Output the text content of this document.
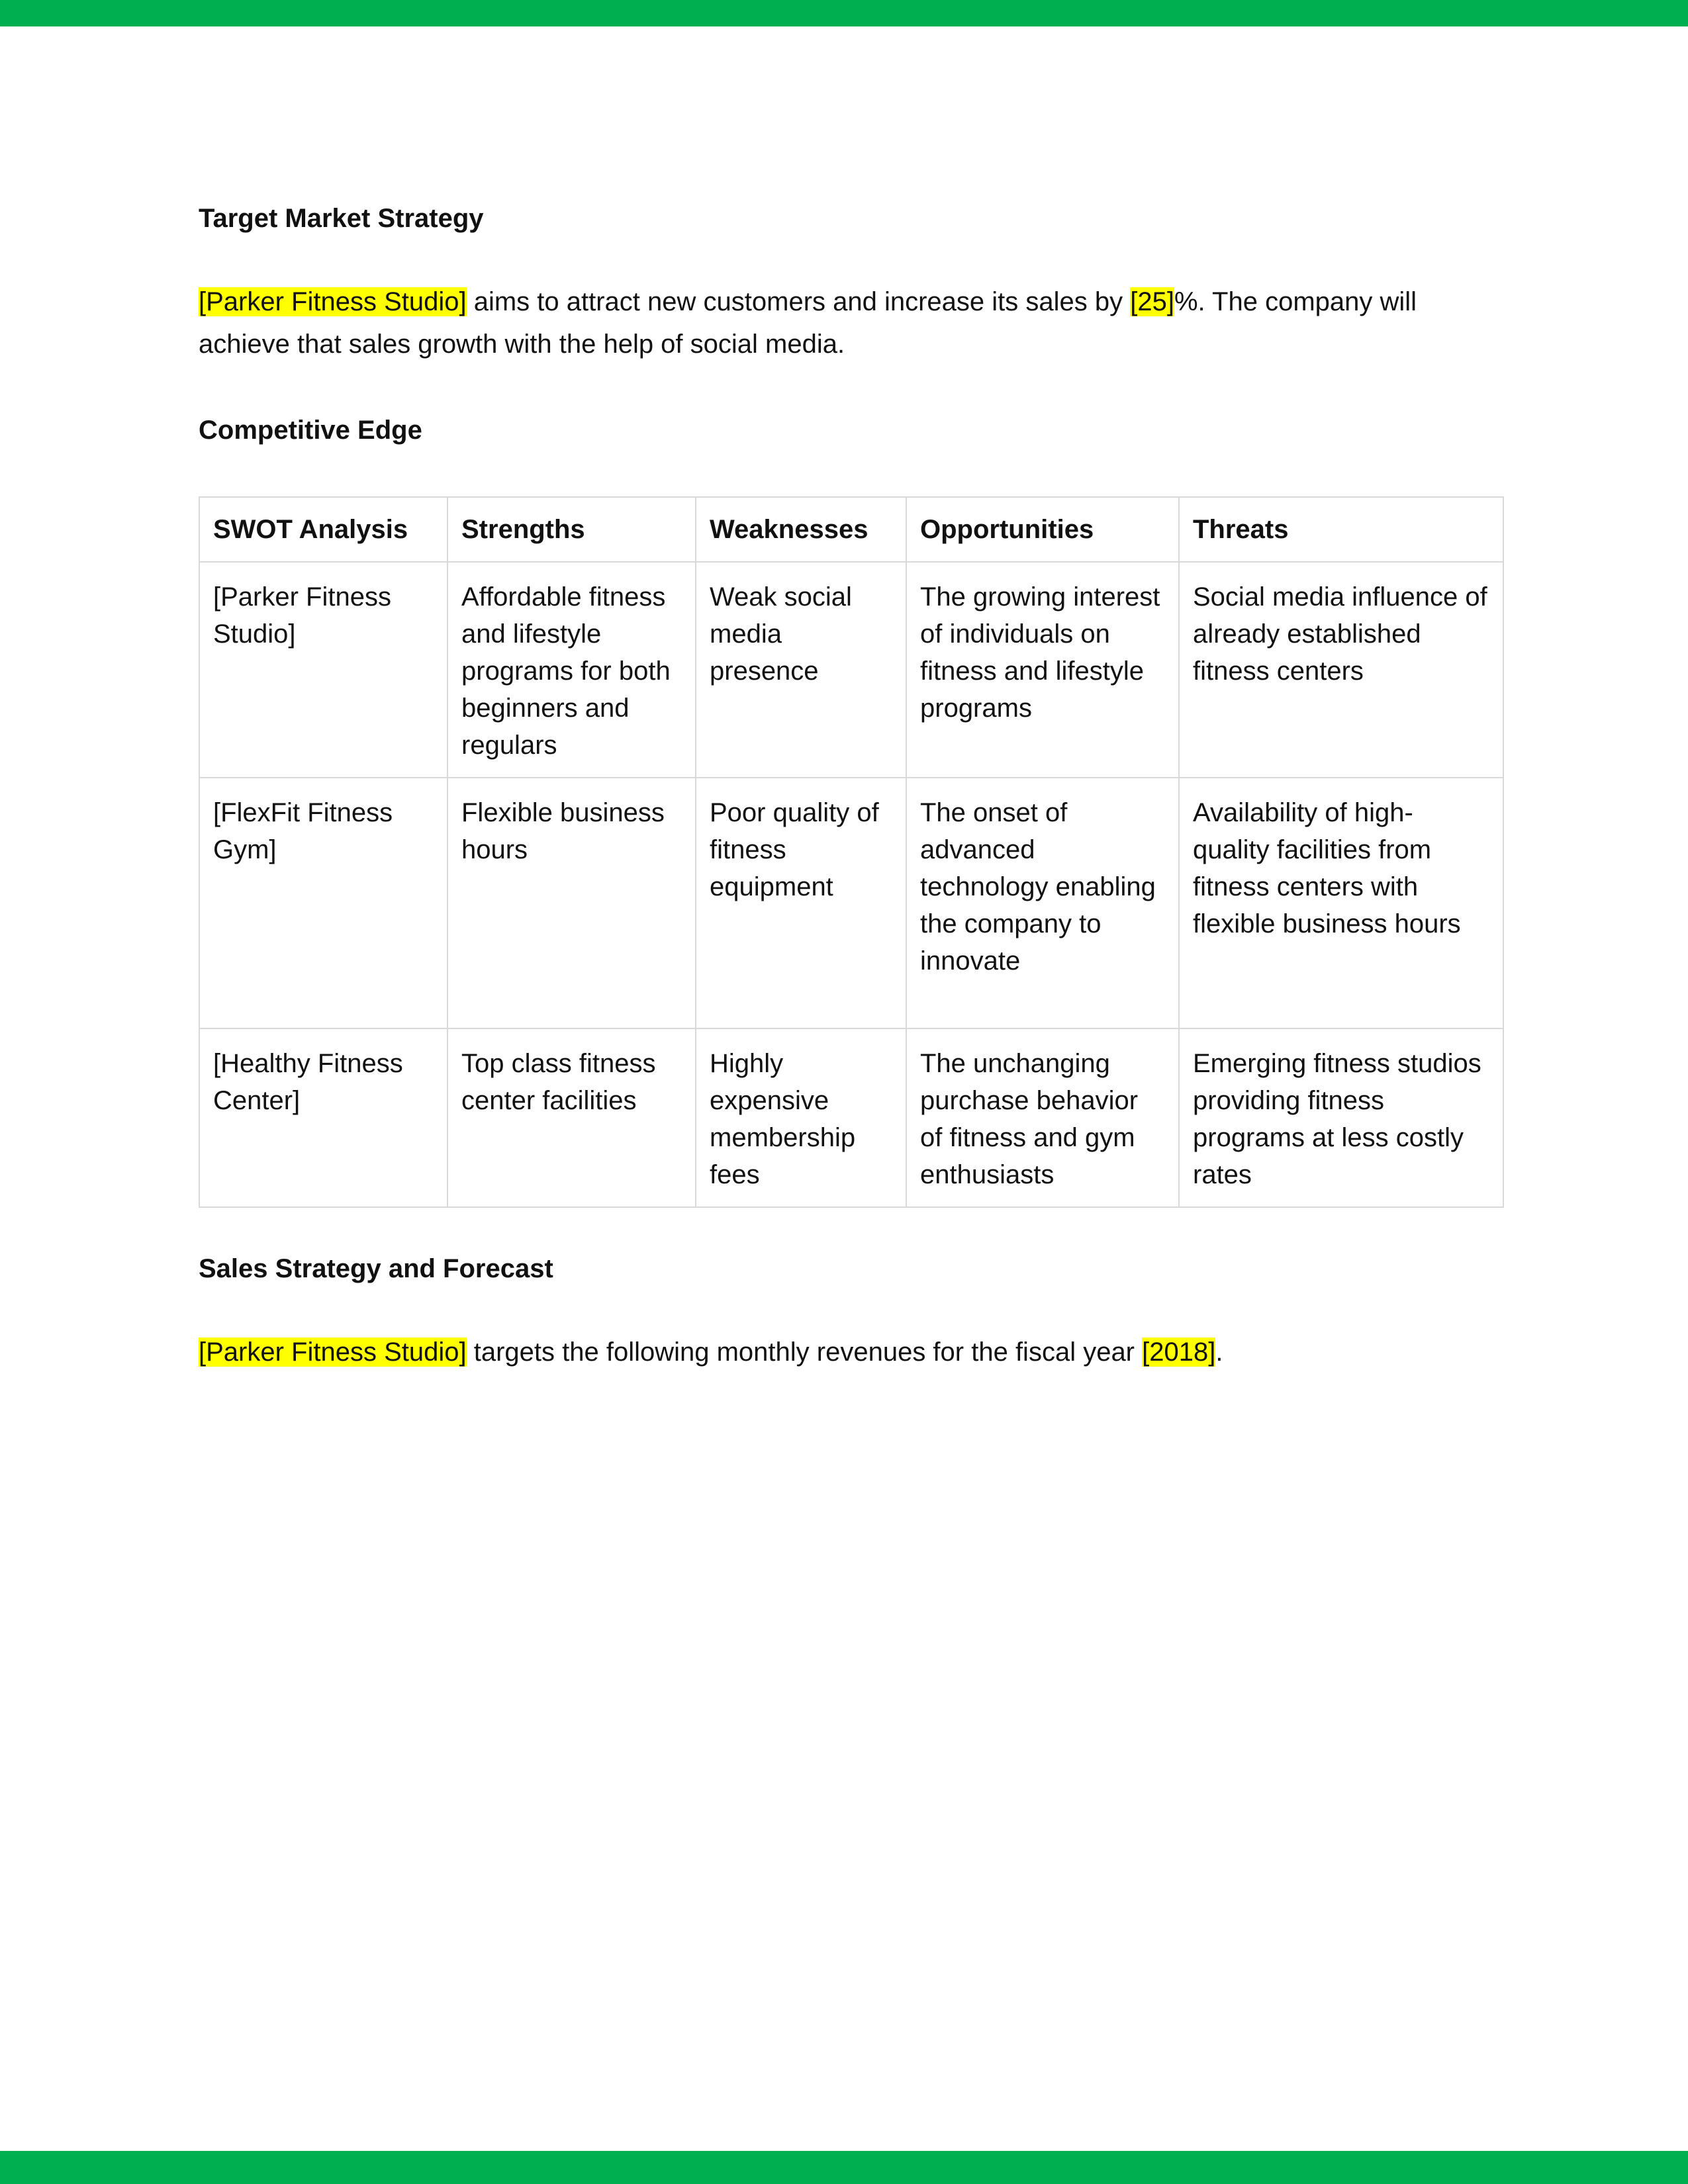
Target Market Strategy

[Parker Fitness Studio] aims to attract new customers and increase its sales by [25]%. The company will achieve that sales growth with the help of social media.

Competitive Edge
SWOT Analysis	Strengths	Weaknesses	Opportunities	Threats
[Parker Fitness Studio]	Affordable fitness and lifestyle programs for both beginners and regulars	Weak social media presence	The growing interest of individuals on fitness and lifestyle programs	Social media influence of already established fitness centers
[FlexFit Fitness Gym]	Flexible business hours	Poor quality of fitness equipment	The onset of advanced technology enabling the company to innovate	Availability of high-quality facilities from fitness centers with flexible business hours
[Healthy Fitness Center]	Top class fitness center facilities	Highly expensive membership fees	The unchanging purchase behavior of fitness and gym enthusiasts	Emerging fitness studios providing fitness programs at less costly rates
Sales Strategy and Forecast

[Parker Fitness Studio] targets the following monthly revenues for the fiscal year [2018].
